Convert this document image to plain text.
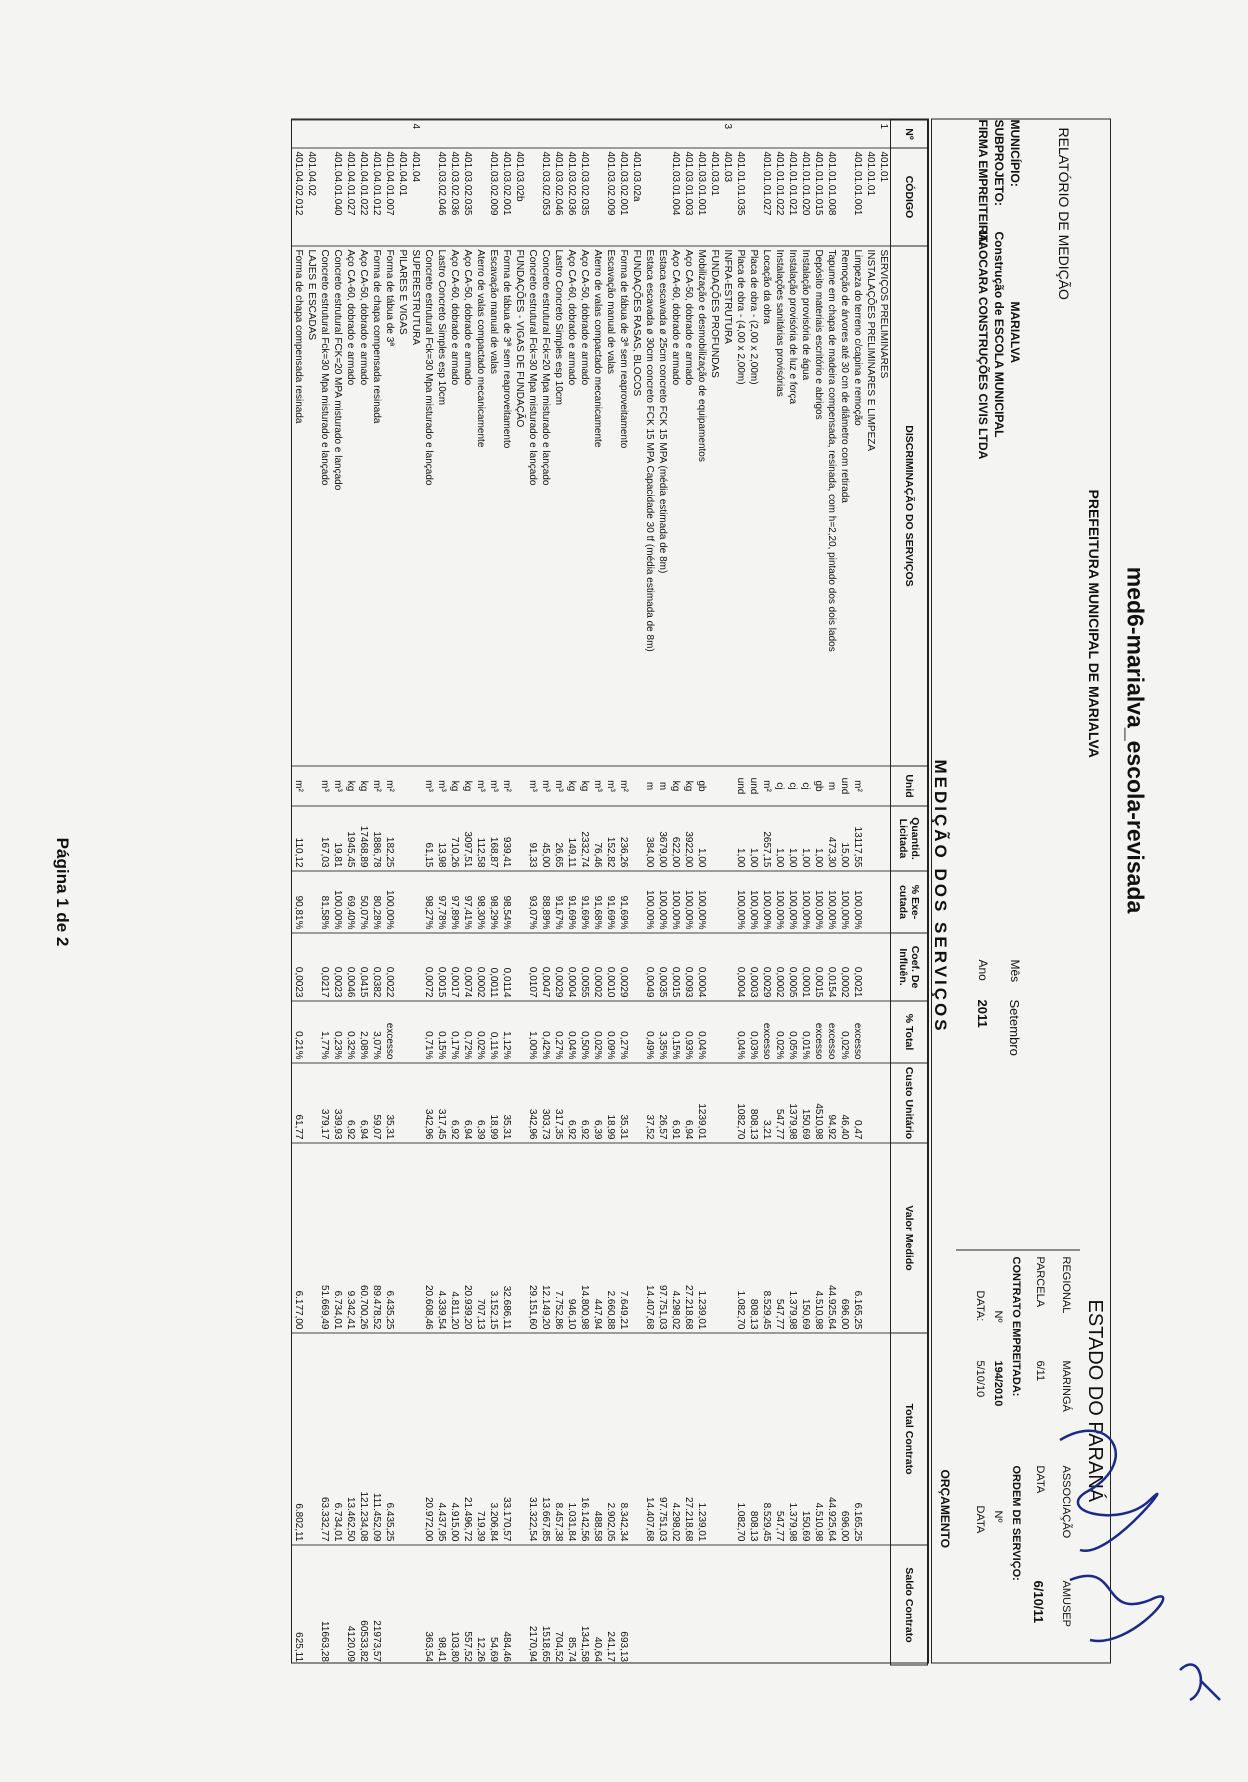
med6-marialva_escola-revisada
Página 1 de 2
PREFEITURA MUNICIPAL DE MARIALVA
ESTADO DO PARANÁ
RELATÓRIO DE MEDIÇÃO
MUNICÍPIO:
MARIALVA
SUBPROJETO:
Construção de ESCOLA MUNICIPAL
FIRMA EMPREITEIRA:
ITAOCARA CONSTRUÇÕES CIVIS LTDA
Mês
Setembro
Ano
2011
REGIONAL
MARINGÁ
ASSOCIAÇÃO
AMUSEP
PARCELA
6/11
DATA
6/10/11
CONTRATO EMPREITADA:
ORDEM DE SERVIÇO:
Nº
194/2010
Nº
DATA:
5/10/10
DATA
MEDIÇÃO DOS SERVIÇOS
ORÇAMENTO
Nº	CÓDIGO	DISCRIMINAÇÃO DO SERVIÇOS	Unid	Quantid. Licitada	% Exe- cutada	Coef. De Influên.	% Total	Custo Unitário	Valor Medido	Total Contrato	Saldo Contrato
1	401.01	SERVIÇOS PRELIMINARES									
	401.01.01	INSTALAÇÕES PRELIMINARES E LIMPEZA									
	401.01.01.001	Limpeza do terreno c/capina e remoção	m²	13117,55	100,00%	0,0021	excesso	0,47	6.165,25	6.165,25	
		Remoção de árvores até 30 cm de diâmetro com retirada	und	15,00	100,00%	0,0002	0,02%	46,40	696,00	696,00	
	401.01.01.008	Tapume em chapa de madeira compensada, resinada, com h=2,20, pintado dos dois lados	m	473,30	100,00%	0,0154	excesso	94,92	44.925,64	44.925,64	
	401.01.01.015	Depósito materiais escritório e abrigos	gb	1,00	100,00%	0,0015	excesso	4510,98	4.510,98	4.510,98	
	401.01.01.020	Instalação provisória de água	cj	1,00	100,00%	0,0001	0,01%	150,69	150,69	150,69	
	401.01.01.021	Instalação provisória de luz e força	cj	1,00	100,00%	0,0005	0,05%	1379,98	1.379,98	1.379,98	
	401.01.01.022	Instalações sanitárias provisórias	cj	1,00	100,00%	0,0002	0,02%	547,77	547,77	547,77	
	401.01.01.027	Locação da obra	m²	2657,15	100,00%	0,0029	excesso	3,21	8.529,45	8.529,45	
		Placa de obra - (2,00 x 2,00m)	und	1,00	100,00%	0,0003	0,03%	808,13	808,13	808,13	
	401.01.01.035	Placa de obra - (4,00 x 2,00m)	und	1,00	100,00%	0,0004	0,04%	1082,70	1.082,70	1.082,70	
3	401.03	INFRA-ESTRUTURA									
	401.03.01	FUNDAÇÕES PROFUNDAS									
	401.03.01.001	Mobilização e desmobilização de equipamentos	gb	1,00	100,00%	0,0004	0,04%	1239,01	1.239,01	1.239,01	
	401.03.01.003	Aço CA-50, dobrado e armado	kg	3922,00	100,00%	0,0093	0,93%	6,94	27.218,68	27.218,68	
	401.03.01.004	Aço CA-60, dobrado e armado	kg	622,00	100,00%	0,0015	0,15%	6,91	4.298,02	4.298,02	
		Estaca escavada ø 25cm concreto FCK 15 MPA (média estimada de 8m)	m	3679,00	100,00%	0,0035	3,35%	26,57	97.751,03	97.751,03	
		Estaca escavada ø 30cm concreto FCK 15 MPA Capacidade 30 tf (média estimada de 8m)	m	384,00	100,00%	0,0049	0,49%	37,52	14.407,68	14.407,68	
	401.03.02a	FUNDAÇÕES RASAS, BLOCOS									
	401.03.02.001	Forma de tábua de 3ª sem reaproveitamento	m²	236,26	91,69%	0,0029	0,27%	35,31	7.649,21	8.342,34	693,13
	401.03.02.009	Escavação manual de valas	m³	152,82	91,69%	0,0010	0,09%	18,99	2.660,88	2.902,05	241,17
		Aterro de valas compactado mecanicamente	m³	76,46	91,68%	0,0002	0,02%	6,39	447,94	488,58	40,64
	401.03.02.035	Aço CA-50, dobrado e armado	kg	2332,74	91,69%	0,0055	0,50%	6,92	14.800,98	16.142,56	1341,58
	401.03.02.036	Aço CA-60, dobrado e armado	kg	149,11	91,69%	0,0004	0,04%	6,92	946,10	1.031,84	85,74
	401.03.02.046	Lastro Concreto Simples esp 10cm	m³	26,65	91,67%	0,0029	0,27%	317,35	7.752,86	8.457,38	704,52
	401.03.02.053	Concreto estrutural Fck=20 Mpa misturado e lançado	m³	45,00	88,89%	0,0047	0,42%	303,73	12.149,20	13.667,85	1518,65
		Concreto estrutural Fck=30 Mpa misturado e lançado	m³	91,33	93,07%	0,0107	1,00%	342,96	29.151,60	31.322,54	2170,94
	401.03.02b	FUNDAÇÕES - VIGAS DE FUNDAÇÃO									
	401.03.02.001	Forma de tábua de 3ª sem reaproveitamento	m²	939,41	98,54%	0,0114	1,12%	35,31	32.686,11	33.170,57	484,46
	401.03.02.009	Escavação manual de valas	m³	168,87	98,29%	0,0011	0,11%	18,99	3.152,15	3.206,84	54,69
		Aterro de valas compactado mecanicamente	m³	112,58	98,30%	0,0002	0,02%	6,39	707,13	719,39	12,26
	401.03.02.035	Aço CA-50, dobrado e armado	kg	3097,51	97,41%	0,0074	0,72%	6,94	20.939,20	21.496,72	557,52
	401.03.02.036	Aço CA-60, dobrado e armado	kg	710,26	97,89%	0,0017	0,17%	6,92	4.811,20	4.915,00	103,80
	401.03.02.046	Lastro Concreto Simples esp 10cm	m³	13,98	97,78%	0,0015	0,15%	317,45	4.339,54	4.437,95	98,41
		Concreto estrutural Fck=30 Mpa misturado e lançado	m³	61,15	98,27%	0,0072	0,71%	342,96	20.608,46	20.972,00	363,54
4	401.04	SUPERESTRUTURA									
	401.04.01	PILARES E VIGAS									
	401.04.01.007	Forma de tábua de 3ª	m²	182,25	100,00%	0,0022	excesso	35,31	6.435,25	6.435,25	
	401.04.01.012	Forma de chapa compensada resinada	m²	1886,78	80,28%	0,0382	3,07%	59,07	89.478,52	111.452,09	21973,57
	401.04.01.022	Aço CA-50, dobrado e armado	kg	17468,89	50,07%	0,0415	2,08%	6,94	60.700,26	121.234,08	60533,82
	401.04.01.027	Aço CA-60, dobrado e armado	kg	1945,45	69,40%	0,0046	0,32%	6,92	9.342,41	13.462,50	4120,09
	401.04.01.040	Concreto estrutural FCK=20 MPA misturado e lançado	m³	19,81	100,00%	0,0023	0,23%	339,93	6.734,01	6.734,01	
		Concreto estrutural Fck=30 Mpa misturado e lançado	m³	167,03	81,58%	0,0217	1,77%	379,17	51.669,49	63.332,77	11663,28
	401.04.02	LAJES E ESCADAS									
	401.04.02.012	Forma de chapa compensada resinada	m²	110,12	90,81%	0,0023	0,21%	61,77	6.177,00	6.802,11	625,11
